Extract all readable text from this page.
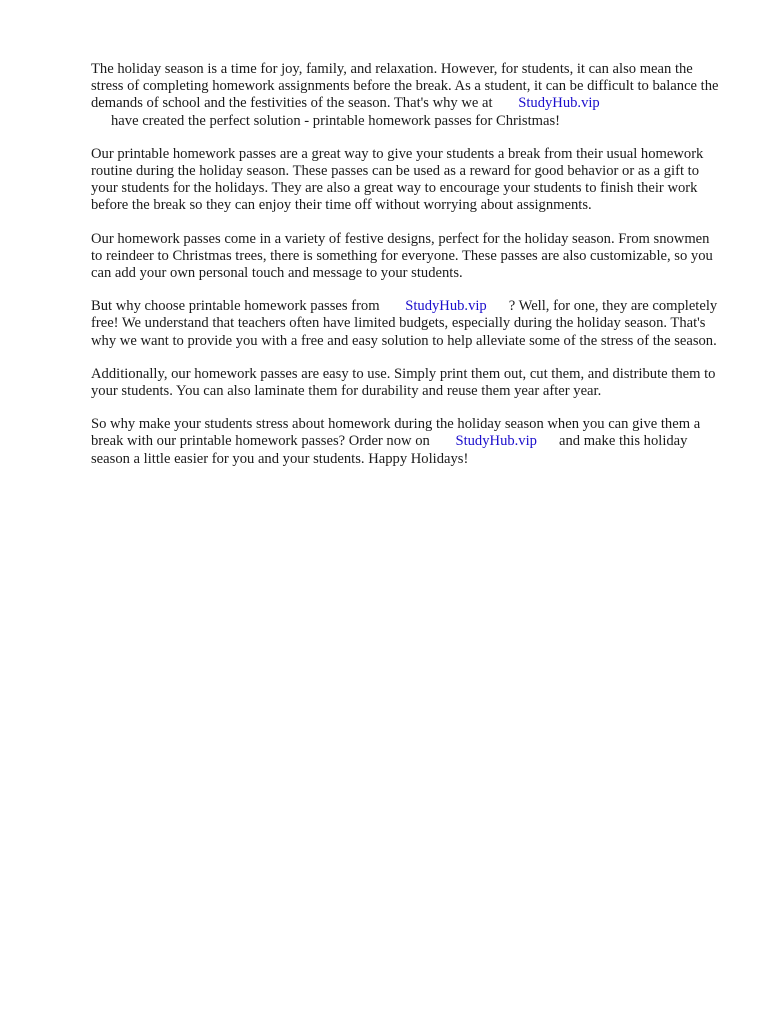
The holiday season is a time for joy, family, and relaxation. However, for students, it can also mean the stress of completing homework assignments before the break. As a student, it can be difficult to balance the demands of school and the festivities of the season. That's why we at StudyHub.vip
have created the perfect solution - printable homework passes for Christmas!

Our printable homework passes are a great way to give your students a break from their usual homework routine during the holiday season. These passes can be used as a reward for good behavior or as a gift to your students for the holidays. They are also a great way to encourage your students to finish their work before the break so they can enjoy their time off without worrying about assignments.

Our homework passes come in a variety of festive designs, perfect for the holiday season. From snowmen to reindeer to Christmas trees, there is something for everyone. These passes are also customizable, so you can add your own personal touch and message to your students.

But why choose printable homework passes from StudyHub.vip ? Well, for one, they are completely free! We understand that teachers often have limited budgets, especially during the holiday season. That's why we want to provide you with a free and easy solution to help alleviate some of the stress of the season.

Additionally, our homework passes are easy to use. Simply print them out, cut them, and distribute them to your students. You can also laminate them for durability and reuse them year after year.

So why make your students stress about homework during the holiday season when you can give them a break with our printable homework passes? Order now on StudyHub.vip and make this holiday season a little easier for you and your students. Happy Holidays!
